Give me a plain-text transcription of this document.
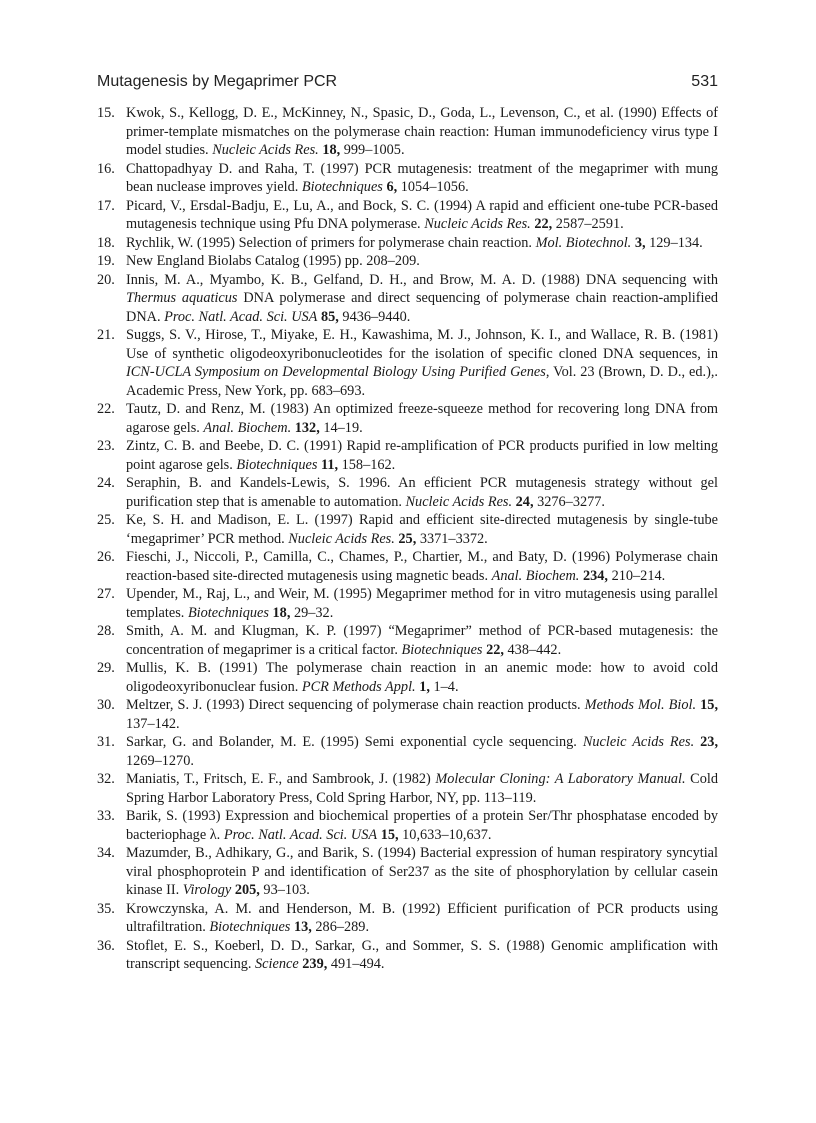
Mutagenesis by Megaprimer PCR	531
15. Kwok, S., Kellogg, D. E., McKinney, N., Spasic, D., Goda, L., Levenson, C., et al. (1990) Effects of primer-template mismatches on the polymerase chain reaction: Human immunodeficiency virus type I model studies. Nucleic Acids Res. 18, 999–1005.
16. Chattopadhyay D. and Raha, T. (1997) PCR mutagenesis: treatment of the megaprimer with mung bean nuclease improves yield. Biotechniques 6, 1054–1056.
17. Picard, V., Ersdal-Badju, E., Lu, A., and Bock, S. C. (1994) A rapid and efficient one-tube PCR-based mutagenesis technique using Pfu DNA polymerase. Nucleic Acids Res. 22, 2587–2591.
18. Rychlik, W. (1995) Selection of primers for polymerase chain reaction. Mol. Biotechnol. 3, 129–134.
19. New England Biolabs Catalog (1995) pp. 208–209.
20. Innis, M. A., Myambo, K. B., Gelfand, D. H., and Brow, M. A. D. (1988) DNA sequencing with Thermus aquaticus DNA polymerase and direct sequencing of polymerase chain reaction-amplified DNA. Proc. Natl. Acad. Sci. USA 85, 9436–9440.
21. Suggs, S. V., Hirose, T., Miyake, E. H., Kawashima, M. J., Johnson, K. I., and Wallace, R. B. (1981) Use of synthetic oligodeoxyribonucleotides for the isolation of specific cloned DNA sequences, in ICN-UCLA Symposium on Developmental Biology Using Purified Genes, Vol. 23 (Brown, D. D., ed.),. Academic Press, New York, pp. 683–693.
22. Tautz, D. and Renz, M. (1983) An optimized freeze-squeeze method for recovering long DNA from agarose gels. Anal. Biochem. 132, 14–19.
23. Zintz, C. B. and Beebe, D. C. (1991) Rapid re-amplification of PCR products purified in low melting point agarose gels. Biotechniques 11, 158–162.
24. Seraphin, B. and Kandels-Lewis, S. 1996. An efficient PCR mutagenesis strategy without gel purification step that is amenable to automation. Nucleic Acids Res. 24, 3276–3277.
25. Ke, S. H. and Madison, E. L. (1997) Rapid and efficient site-directed mutagenesis by single-tube ‘megaprimer’ PCR method. Nucleic Acids Res. 25, 3371–3372.
26. Fieschi, J., Niccoli, P., Camilla, C., Chames, P., Chartier, M., and Baty, D. (1996) Polymerase chain reaction-based site-directed mutagenesis using magnetic beads. Anal. Biochem. 234, 210–214.
27. Upender, M., Raj, L., and Weir, M. (1995) Megaprimer method for in vitro mutagenesis using parallel templates. Biotechniques 18, 29–32.
28. Smith, A. M. and Klugman, K. P. (1997) “Megaprimer” method of PCR-based mutagenesis: the concentration of megaprimer is a critical factor. Biotechniques 22, 438–442.
29. Mullis, K. B. (1991) The polymerase chain reaction in an anemic mode: how to avoid cold oligodeoxyribonuclear fusion. PCR Methods Appl. 1, 1–4.
30. Meltzer, S. J. (1993) Direct sequencing of polymerase chain reaction products. Methods Mol. Biol. 15, 137–142.
31. Sarkar, G. and Bolander, M. E. (1995) Semi exponential cycle sequencing. Nucleic Acids Res. 23, 1269–1270.
32. Maniatis, T., Fritsch, E. F., and Sambrook, J. (1982) Molecular Cloning: A Laboratory Manual. Cold Spring Harbor Laboratory Press, Cold Spring Harbor, NY, pp. 113–119.
33. Barik, S. (1993) Expression and biochemical properties of a protein Ser/Thr phosphatase encoded by bacteriophage λ. Proc. Natl. Acad. Sci. USA 15, 10,633–10,637.
34. Mazumder, B., Adhikary, G., and Barik, S. (1994) Bacterial expression of human respiratory syncytial viral phosphoprotein P and identification of Ser237 as the site of phosphorylation by cellular casein kinase II. Virology 205, 93–103.
35. Krowczynska, A. M. and Henderson, M. B. (1992) Efficient purification of PCR products using ultrafiltration. Biotechniques 13, 286–289.
36. Stoflet, E. S., Koeberl, D. D., Sarkar, G., and Sommer, S. S. (1988) Genomic amplification with transcript sequencing. Science 239, 491–494.
